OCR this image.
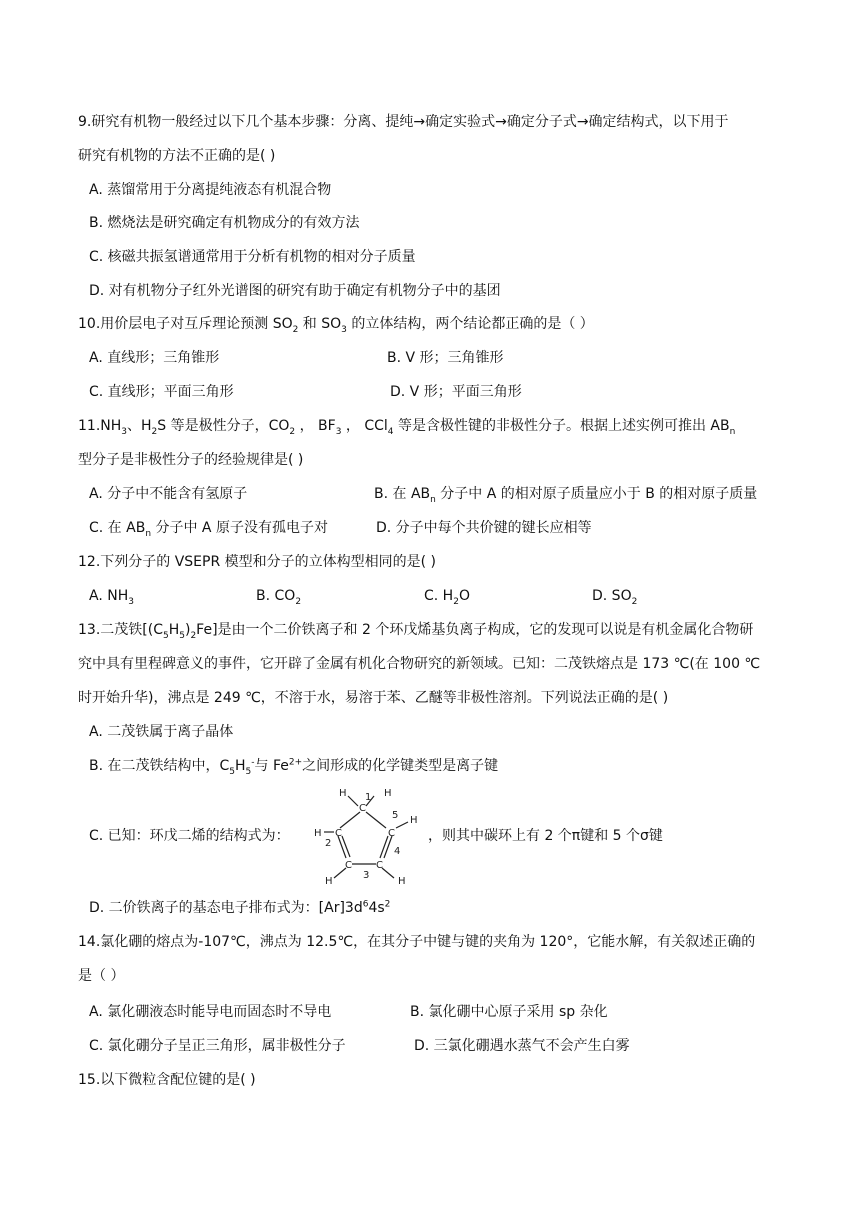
9.研究有机物一般经过以下几个基本步骤：分离、提纯→确定实验式→确定分子式→确定结构式，以下用于
研究有机物的方法不正确的是( )
A. 蒸馏常用于分离提纯液态有机混合物
B. 燃烧法是研究确定有机物成分的有效方法
C. 核磁共振氢谱通常用于分析有机物的相对分子质量
D. 对有机物分子红外光谱图的研究有助于确定有机物分子中的基团
10.用价层电子对互斥理论预测 $SO_2$ 和 $SO_3$ 的立体结构，两个结论都正确的是（ ）
A. 直线形；三角锥形	B. V 形；三角锥形
C. 直线形；平面三角形	D. V 形；平面三角形
$11.NH_3$、$H_2S$ 等是极性分子，$CO_2$ ， $BF_3$ ， CCl$_4$ 等是含极性键的非极性分子。根据上述实例可推出 $AB_n$
型分子是非极性分子的经验规律是( )
A. 分子中不能含有氢原子	B. 在 $AB_n$ 分子中 A 的相对原子质量应小于 B 的相对原子质量
C. 在 $AB_n$ 分子中 A 原子没有孤电子对	D. 分子中每个共价键的键长应相等
12.下列分子的 VSEPR 模型和分子的立体构型相同的是( )
A. $NH_3$	B. $CO_2$	C. $H_2O$	D. $SO_2$
13.二茂铁$[(C_5H_5)_2Fe]$是由一个二价铁离子和 2 个环戊烯基负离子构成，它的发现可以说是有机金属化合物研
究中具有里程碑意义的事件，它开辟了金属有机化合物研究的新领域。已知：二茂铁熔点是 173 ℃(在 100 ℃
时开始升华)，沸点是 249 ℃，不溶于水，易溶于苯、乙醚等非极性溶剂。下列说法正确的是( )
A. 二茂铁属于离子晶体
B. 在二茂铁结构中，$C_5H_5^-$与 $Fe^{2+}$之间形成的化学键类型是离子键
C. 已知：环戊二烯的结构式为：
H	H
C
C
C C
C
H
H
H	H
1
2
3
4
5
，则其中碳环上有 2 个π键和 5 个σ键
D. 二价铁离子的基态电子排布式为：$[Ar]3d^64s^2$
14.氯化硼的熔点为-107℃，沸点为 12.5℃，在其分子中键与键的夹角为 120°，它能水解，有关叙述正确的
是（ ）
A. 氯化硼液态时能导电而固态时不导电	B. 氯化硼中心原子采用 sp 杂化
C. 氯化硼分子呈正三角形，属非极性分子	D. 三氯化硼遇水蒸气不会产生白雾
15.以下微粒含配位键的是( )
